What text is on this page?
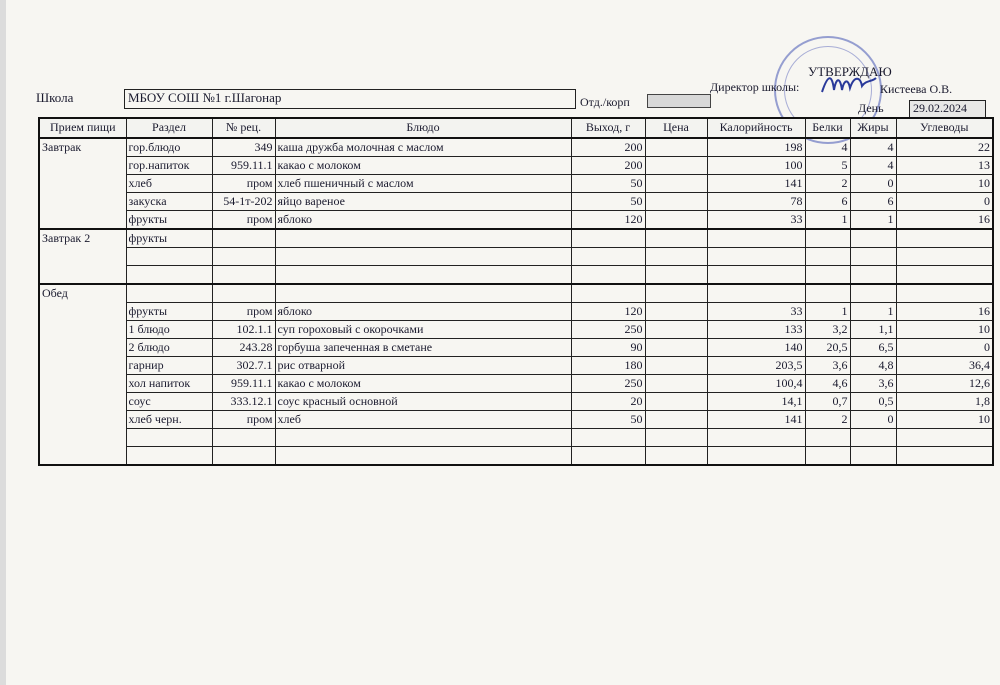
УТВЕРЖДАЮ
Директор школы:	Кистеева О.В.
Школа	МБОУ СОШ №1 г.Шагонар	Отд./корп	День	29.02.2024
Прием пищи	Раздел	№ рец.	Блюдо	Выход, г	Цена	Калорийность	Белки	Жиры	Углеводы
Завтрак	гор.блюдо	349	каша дружба молочная с маслом	200		198	4	4	22
	гор.напиток	959.11.1	какао с молоком	200		100	5	4	13
	хлеб	пром	хлеб пшеничный с маслом	50		141	2	0	10
	закуска	54-1т-202	яйцо вареное	50		78	6	6	0
	фрукты	пром	яблоко	120		33	1	1	16
Завтрак 2	фрукты								

Обед									
	фрукты	пром	яблоко	120		33	1	1	16
	1 блюдо	102.1.1	суп гороховый с окорочками	250		133	3,2	1,1	10
	2 блюдо	243.28	горбуша запеченная в сметане	90		140	20,5	6,5	0
	гарнир	302.7.1	рис отварной	180		203,5	3,6	4,8	36,4
	хол напиток	959.11.1	какао с молоком	250		100,4	4,6	3,6	12,6
	соус	333.12.1	соус красный основной	20		14,1	0,7	0,5	1,8
	хлеб черн.	пром	хлеб	50		141	2	0	10
